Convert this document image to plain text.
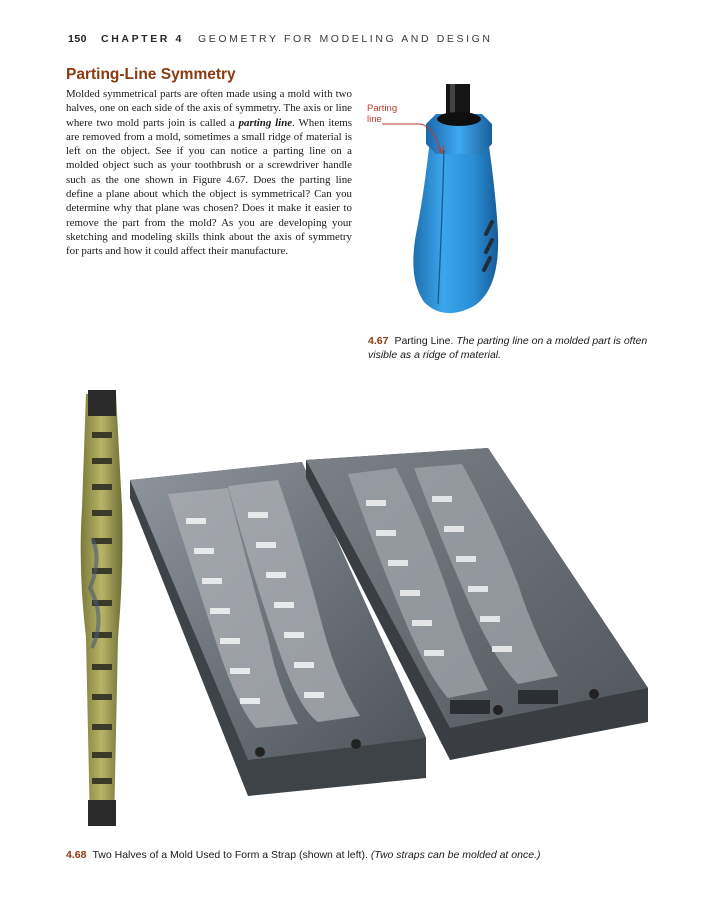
150 CHAPTER 4 GEOMETRY FOR MODELING AND DESIGN
Parting-Line Symmetry
Molded symmetrical parts are often made using a mold with two halves, one on each side of the axis of symmetry. The axis or line where two mold parts join is called a parting line. When items are removed from a mold, sometimes a small ridge of material is left on the object. See if you can notice a parting line on a molded object such as your toothbrush or a screwdriver handle such as the one shown in Figure 4.67. Does the parting line define a plane about which the object is symmetrical? Can you determine why that plane was chosen? Does it make it easier to remove the part from the mold? As you are developing your sketching and modeling skills think about the axis of symmetry for parts and how it could affect their manufacture.
Parting
line
4.67 Parting Line. The parting line on a molded part is often visible as a ridge of material.
4.68 Two Halves of a Mold Used to Form a Strap (shown at left). (Two straps can be molded at once.)
